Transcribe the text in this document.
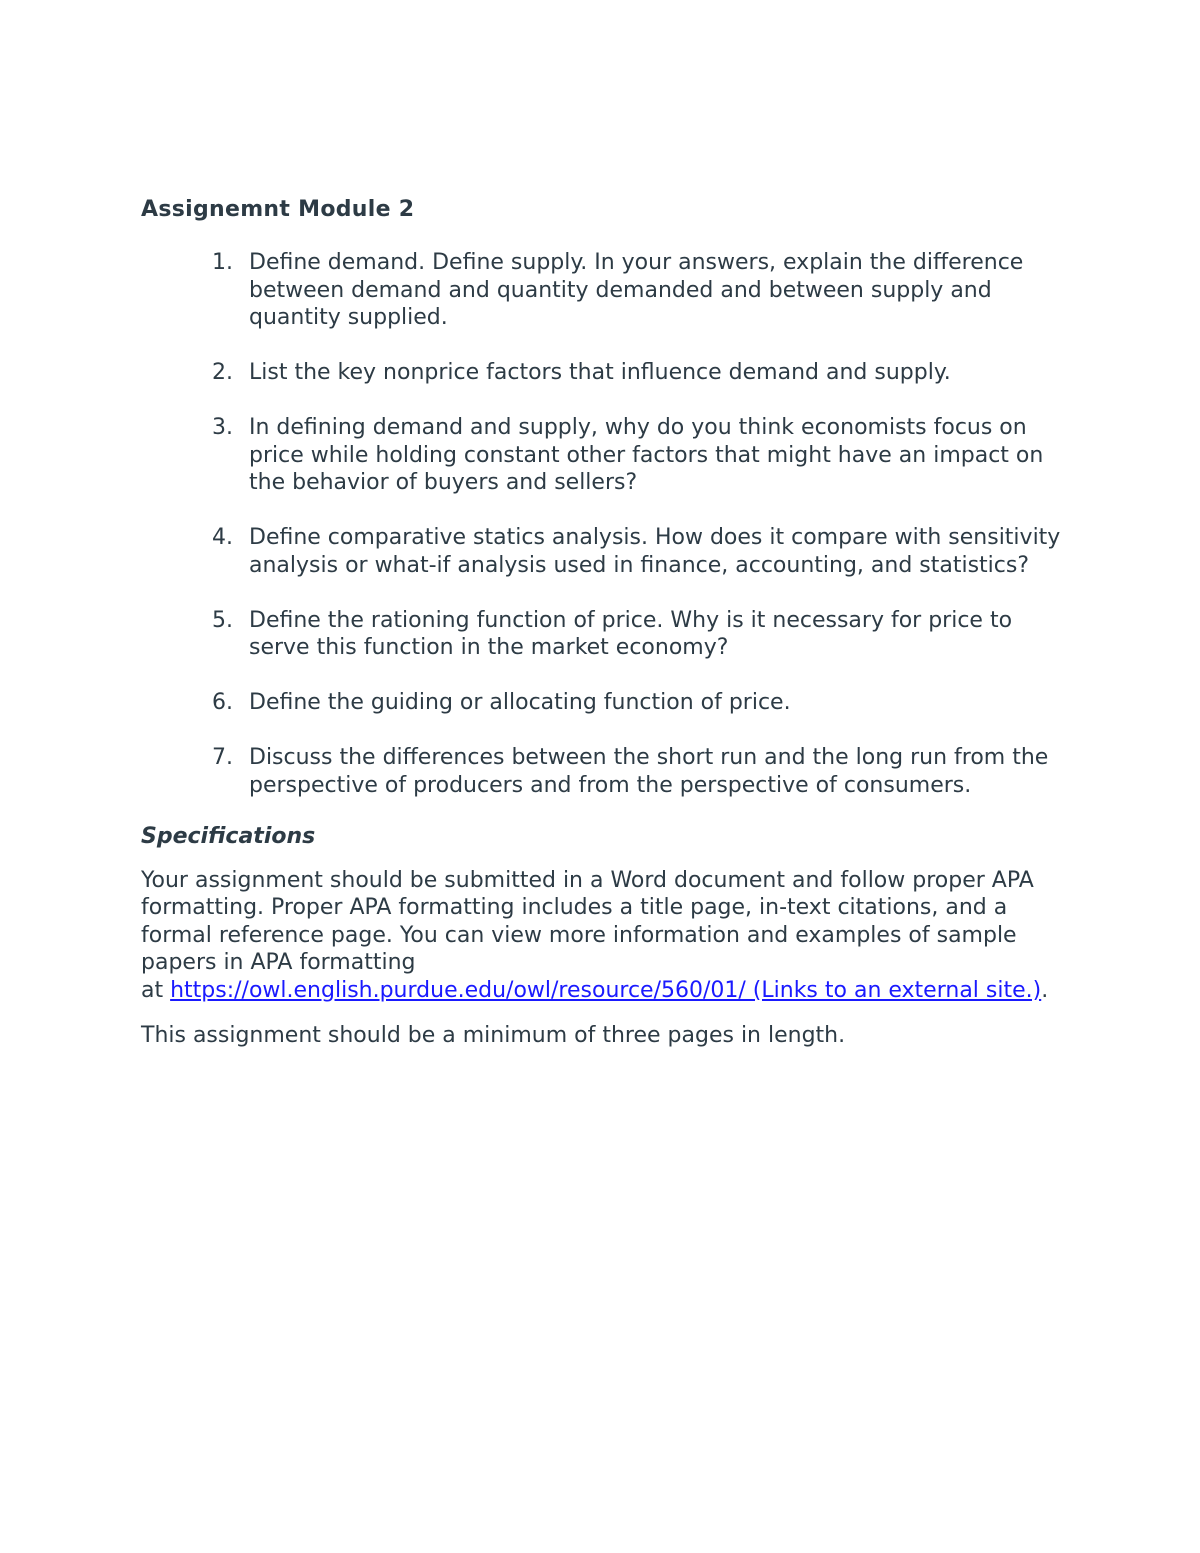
Assignemnt Module 2
1. Define demand. Define supply. In your answers, explain the difference between demand and quantity demanded and between supply and quantity supplied.
2. List the key nonprice factors that influence demand and supply.
3. In defining demand and supply, why do you think economists focus on price while holding constant other factors that might have an impact on the behavior of buyers and sellers?
4. Define comparative statics analysis. How does it compare with sensitivity analysis or what-if analysis used in finance, accounting, and statistics?
5. Define the rationing function of price. Why is it necessary for price to serve this function in the market economy?
6. Define the guiding or allocating function of price.
7. Discuss the differences between the short run and the long run from the perspective of producers and from the perspective of consumers.
Specifications

Your assignment should be submitted in a Word document and follow proper APA formatting. Proper APA formatting includes a title page, in-text citations, and a formal reference page. You can view more information and examples of sample papers in APA formatting
at https://owl.english.purdue.edu/owl/resource/560/01/ (Links to an external site.).

This assignment should be a minimum of three pages in length.
